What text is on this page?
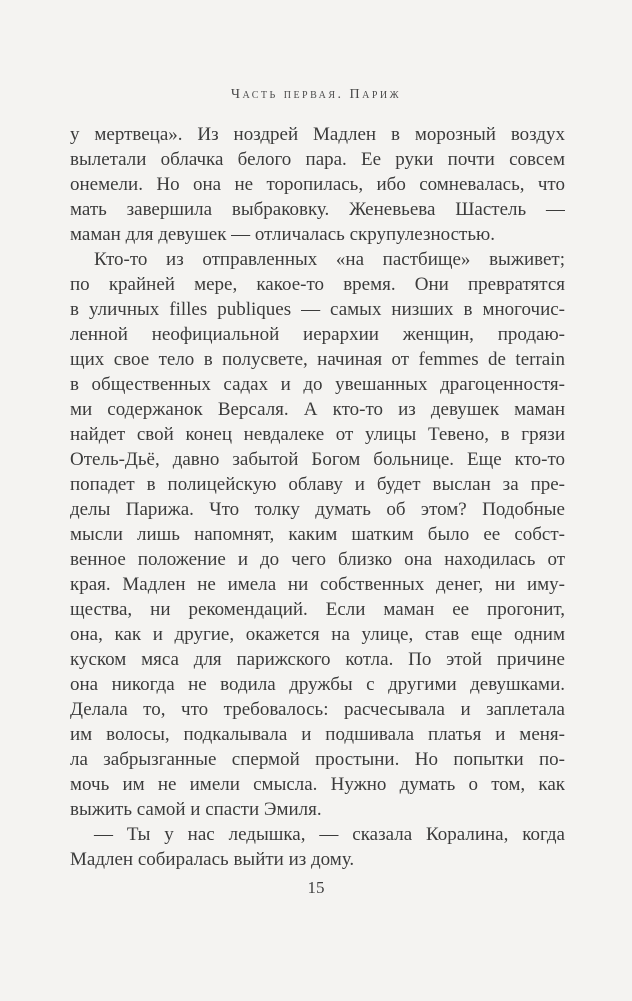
Часть первая. Париж
у мертвеца». Из ноздрей Мадлен в морозный воздух
вылетали облачка белого пара. Ее руки почти совсем
онемели. Но она не торопилась, ибо сомневалась, что
мать завершила выбраковку. Женевьева Шастель —
маман для девушек — отличалась скрупулезностью.
Кто-то из отправленных «на пастбище» выживет;
по крайней мере, какое-то время. Они превратятся
в уличных filles publiques — самых низших в многочис-
ленной неофициальной иерархии женщин, продаю-
щих свое тело в полусвете, начиная от femmes de terrain
в общественных садах и до увешанных драгоценностя-
ми содержанок Версаля. А кто-то из девушек маман
найдет свой конец невдалеке от улицы Тевено, в грязи
Отель-Дьё, давно забытой Богом больнице. Еще кто-то
попадет в полицейскую облаву и будет выслан за пре-
делы Парижа. Что толку думать об этом? Подобные
мысли лишь напомнят, каким шатким было ее собст-
венное положение и до чего близко она находилась от
края. Мадлен не имела ни собственных денег, ни иму-
щества, ни рекомендаций. Если маман ее прогонит,
она, как и другие, окажется на улице, став еще одним
куском мяса для парижского котла. По этой причине
она никогда не водила дружбы с другими девушками.
Делала то, что требовалось: расчесывала и заплетала
им волосы, подкалывала и подшивала платья и меня-
ла забрызганные спермой простыни. Но попытки по-
мочь им не имели смысла. Нужно думать о том, как
выжить самой и спасти Эмиля.
— Ты у нас ледышка, — сказала Коралина, когда
Мадлен собиралась выйти из дому.
15
